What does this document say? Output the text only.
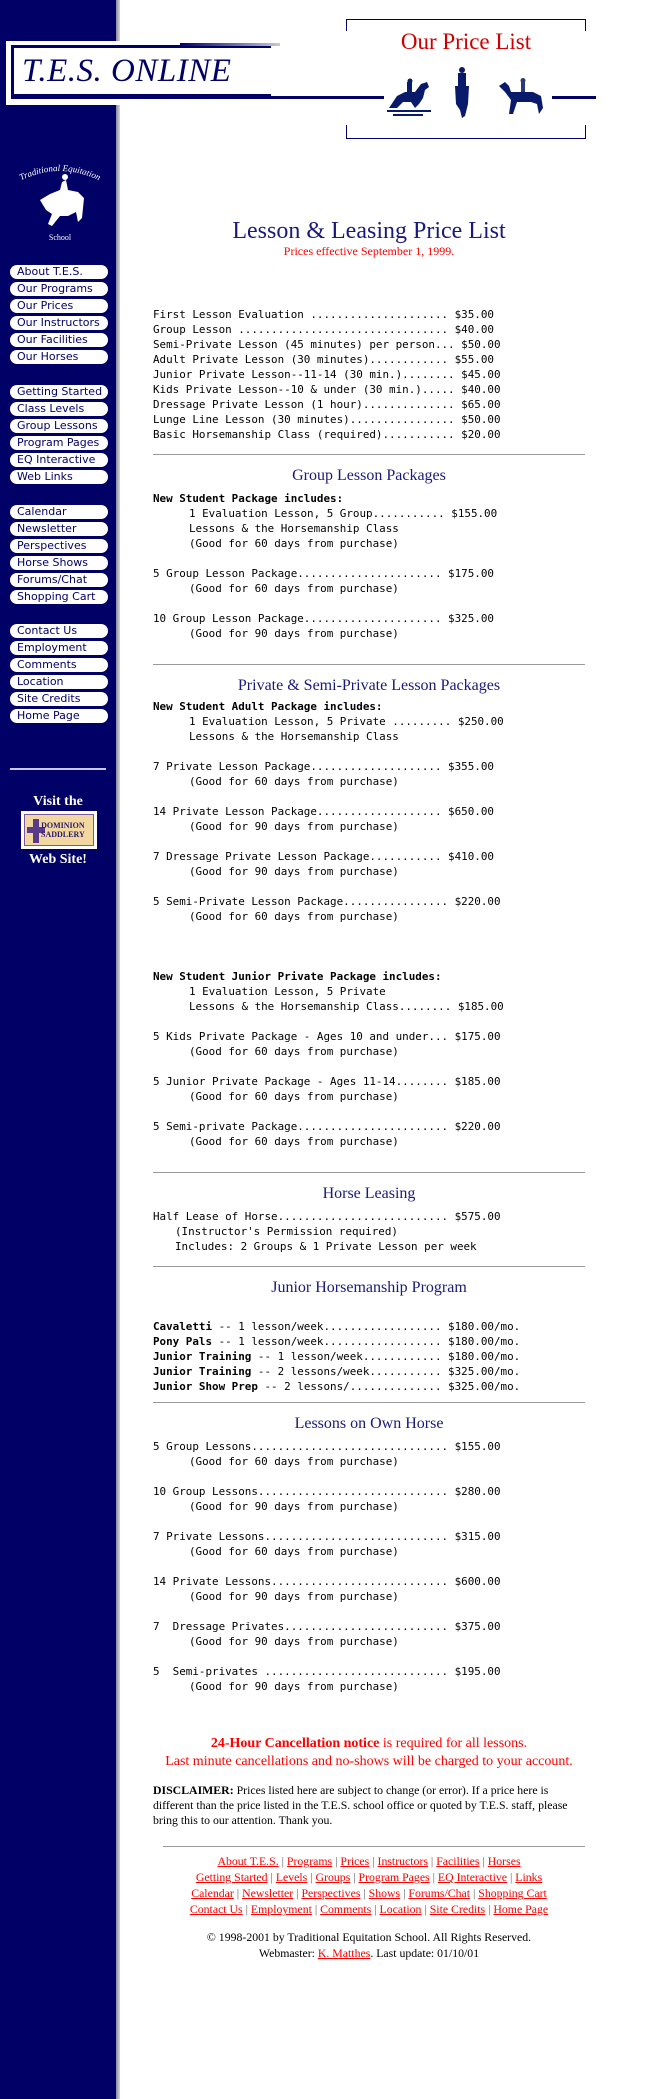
T.E.S. ONLINE
Our Price List
Traditional Equitation
School
About T.E.S.
Our Programs
Our Prices
Our Instructors
Our Facilities
Our Horses
Getting Started
Class Levels
Group Lessons
Program Pages
EQ Interactive
Web Links
Calendar
Newsletter
Perspectives
Horse Shows
Forums/Chat
Shopping Cart
Contact Us
Employment
Comments
Location
Site Credits
Home Page
Visit the
DOMINION
SADDLERY
Web Site!
Lesson & Leasing Price List
Prices effective September 1, 1999.
First Lesson Evaluation ..................... $35.00
Group Lesson ................................ $40.00
Semi-Private Lesson (45 minutes) per person... $50.00
Adult Private Lesson (30 minutes)............ $55.00
Junior Private Lesson--11-14 (30 min.)........ $45.00
Kids Private Lesson--10 & under (30 min.)..... $40.00
Dressage Private Lesson (1 hour).............. $65.00
Lunge Line Lesson (30 minutes)................ $50.00
Basic Horsemanship Class (required)........... $20.00
Group Lesson Packages
New Student Package includes:
1 Evaluation Lesson, 5 Group........... $155.00
Lessons & the Horsemanship Class
(Good for 60 days from purchase)
5 Group Lesson Package...................... $175.00
(Good for 60 days from purchase)
10 Group Lesson Package..................... $325.00
(Good for 90 days from purchase)
Private & Semi-Private Lesson Packages
New Student Adult Package includes:
1 Evaluation Lesson, 5 Private ......... $250.00
Lessons & the Horsemanship Class
7 Private Lesson Package.................... $355.00
(Good for 60 days from purchase)
14 Private Lesson Package................... $650.00
(Good for 90 days from purchase)
7 Dressage Private Lesson Package........... $410.00
(Good for 90 days from purchase)
5 Semi-Private Lesson Package................ $220.00
(Good for 60 days from purchase)
New Student Junior Private Package includes:
1 Evaluation Lesson, 5 Private
Lessons & the Horsemanship Class........ $185.00
5 Kids Private Package - Ages 10 and under... $175.00
(Good for 60 days from purchase)
5 Junior Private Package - Ages 11-14........ $185.00
(Good for 60 days from purchase)
5 Semi-private Package....................... $220.00
(Good for 60 days from purchase)
Horse Leasing
Half Lease of Horse.......................... $575.00
(Instructor's Permission required)
Includes: 2 Groups & 1 Private Lesson per week
Junior Horsemanship Program
Cavaletti -- 1 lesson/week.................. $180.00/mo.
Pony Pals -- 1 lesson/week.................. $180.00/mo.
Junior Training -- 1 lesson/week............ $180.00/mo.
Junior Training -- 2 lessons/week........... $325.00/mo.
Junior Show Prep -- 2 lessons/.............. $325.00/mo.
Lessons on Own Horse
5 Group Lessons.............................. $155.00
(Good for 60 days from purchase)
10 Group Lessons............................. $280.00
(Good for 90 days from purchase)
7 Private Lessons............................ $315.00
(Good for 60 days from purchase)
14 Private Lessons........................... $600.00
(Good for 90 days from purchase)
7  Dressage Privates......................... $375.00
(Good for 90 days from purchase)
5  Semi-privates ............................ $195.00
(Good for 90 days from purchase)
24-Hour Cancellation notice is required for all lessons.
Last minute cancellations and no-shows will be charged to your account.
DISCLAIMER: Prices listed here are subject to change (or error). If a price here is different than the price listed in the T.E.S. school office or quoted by T.E.S. staff, please bring this to our attention. Thank you.
About T.E.S. | Programs | Prices | Instructors | Facilities | Horses
Getting Started | Levels | Groups | Program Pages | EQ Interactive | Links
Calendar | Newsletter | Perspectives | Shows | Forums/Chat | Shopping Cart
Contact Us | Employment | Comments | Location | Site Credits | Home Page
© 1998-2001 by Traditional Equitation School. All Rights Reserved.
Webmaster: K. Matthes. Last update: 01/10/01
